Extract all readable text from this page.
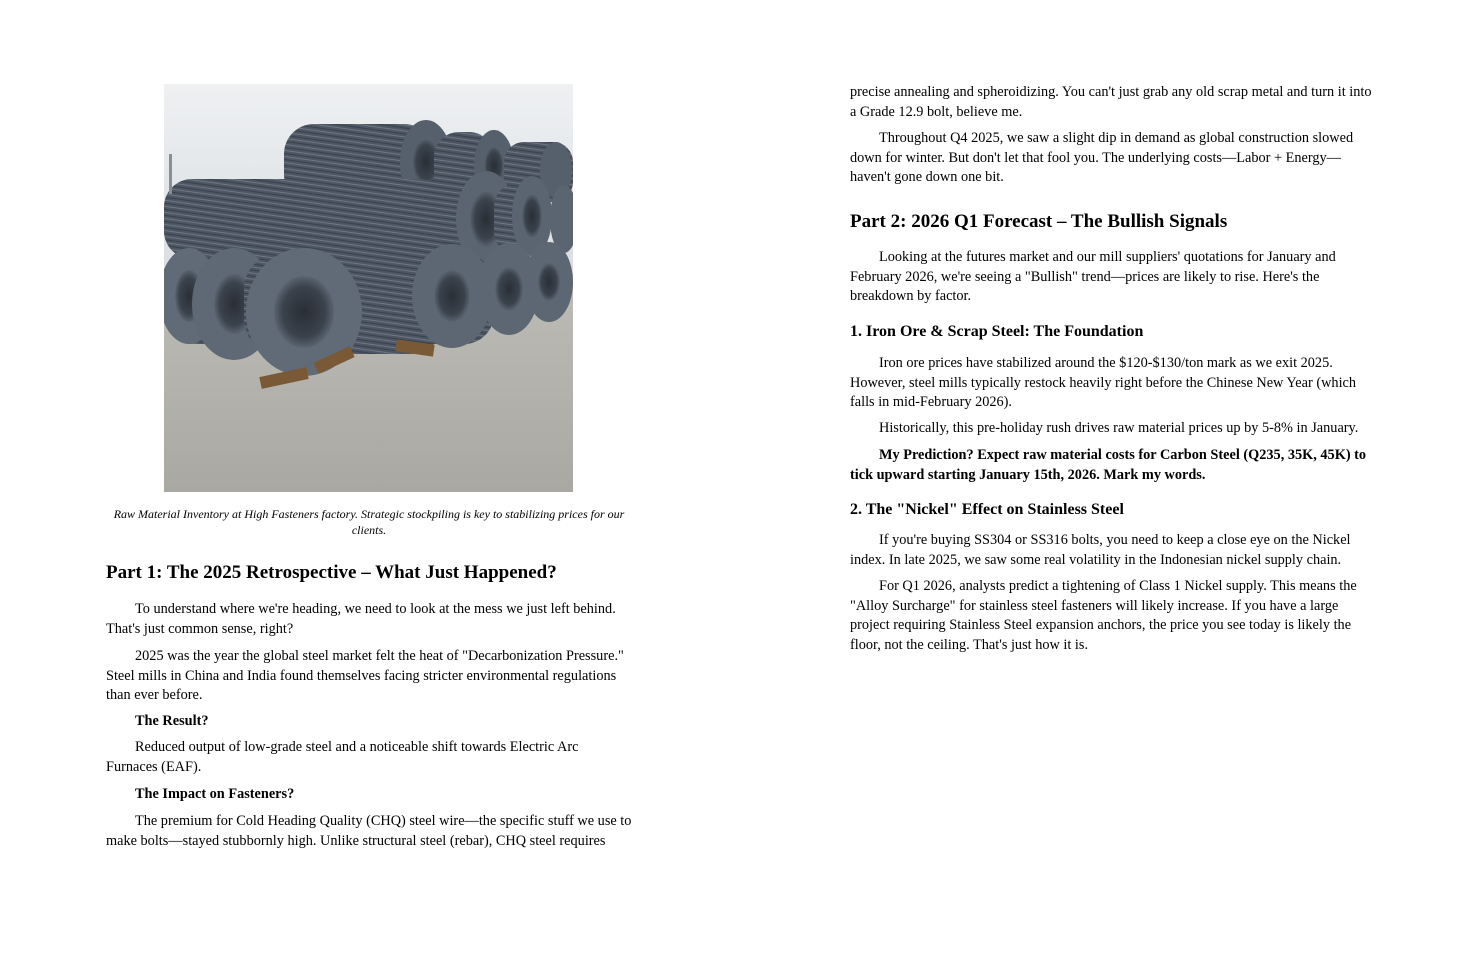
Raw Material Inventory at High Fasteners factory. Strategic stockpiling is key to stabilizing prices for our clients.
Part 1: The 2025 Retrospective – What Just Happened?

To understand where we're heading, we need to look at the mess we just left behind. That's just common sense, right?

2025 was the year the global steel market felt the heat of "Decarbonization Pressure." Steel mills in China and India found themselves facing stricter environmental regulations than ever before.

The Result?

Reduced output of low-grade steel and a noticeable shift towards Electric Arc Furnaces (EAF).

The Impact on Fasteners?

The premium for Cold Heading Quality (CHQ) steel wire—the specific stuff we use to make bolts—stayed stubbornly high. Unlike structural steel (rebar), CHQ steel requires

precise annealing and spheroidizing. You can't just grab any old scrap metal and turn it into a Grade 12.9 bolt, believe me.

Throughout Q4 2025, we saw a slight dip in demand as global construction slowed down for winter. But don't let that fool you. The underlying costs—Labor + Energy—haven't gone down one bit.

Part 2: 2026 Q1 Forecast – The Bullish Signals

Looking at the futures market and our mill suppliers' quotations for January and February 2026, we're seeing a "Bullish" trend—prices are likely to rise. Here's the breakdown by factor.

1. Iron Ore & Scrap Steel: The Foundation

Iron ore prices have stabilized around the $120-$130/ton mark as we exit 2025. However, steel mills typically restock heavily right before the Chinese New Year (which falls in mid-February 2026).

Historically, this pre-holiday rush drives raw material prices up by 5-8% in January.

My Prediction? Expect raw material costs for Carbon Steel (Q235, 35K, 45K) to tick upward starting January 15th, 2026. Mark my words.

2. The "Nickel" Effect on Stainless Steel

If you're buying SS304 or SS316 bolts, you need to keep a close eye on the Nickel index. In late 2025, we saw some real volatility in the Indonesian nickel supply chain.

For Q1 2026, analysts predict a tightening of Class 1 Nickel supply. This means the "Alloy Surcharge" for stainless steel fasteners will likely increase. If you have a large project requiring Stainless Steel expansion anchors, the price you see today is likely the floor, not the ceiling. That's just how it is.
